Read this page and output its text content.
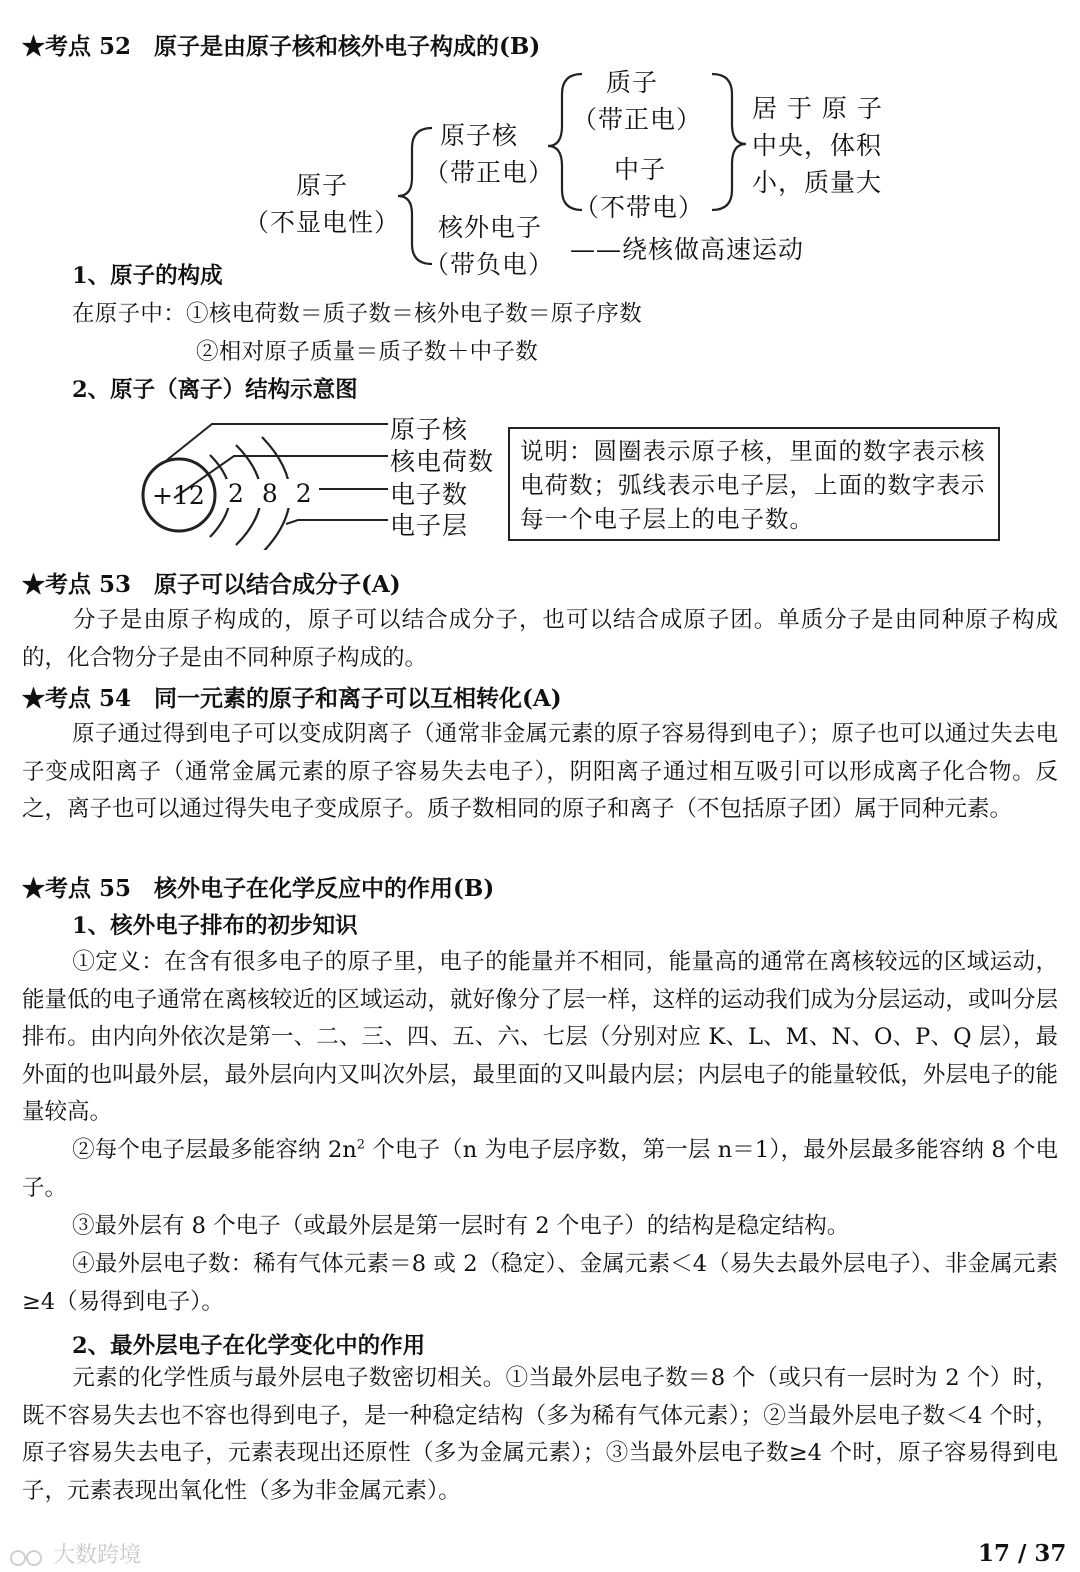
★考点 52　原子是由原子核和核外电子构成的(B)
原子
（不显电性）
原子核
（带正电）
核外电子
（带负电）
质子
（带正电）
中子
（不带电）
居 于 原 子
中央，体积
小，质量大
——绕核做高速运动
1、原子的构成
在原子中：①核电荷数＝质子数＝核外电子数＝原子序数
②相对原子质量＝质子数＋中子数
2、原子（离子）结构示意图
+12 2 8 2
原子核
核电荷数
电子数
电子层
说明：圆圈表示原子核，里面的数字表示核电荷数；弧线表示电子层，上面的数字表示每一个电子层上的电子数。
★考点 53　原子可以结合成分子(A)
分子是由原子构成的，原子可以结合成分子，也可以结合成原子团。单质分子是由同种原子构成的，化合物分子是由不同种原子构成的。
★考点 54　同一元素的原子和离子可以互相转化(A)
原子通过得到电子可以变成阴离子（通常非金属元素的原子容易得到电子）；原子也可以通过失去电子变成阳离子（通常金属元素的原子容易失去电子），阴阳离子通过相互吸引可以形成离子化合物。反之，离子也可以通过得失电子变成原子。质子数相同的原子和离子（不包括原子团）属于同种元素。
★考点 55　核外电子在化学反应中的作用(B)
1、核外电子排布的初步知识
①定义：在含有很多电子的原子里，电子的能量并不相同，能量高的通常在离核较远的区域运动，能量低的电子通常在离核较近的区域运动，就好像分了层一样，这样的运动我们成为分层运动，或叫分层排布。由内向外依次是第一、二、三、四、五、六、七层（分别对应 K、L、M、N、O、P、Q 层），最外面的也叫最外层，最外层向内又叫次外层，最里面的又叫最内层；内层电子的能量较低，外层电子的能量较高。
②每个电子层最多能容纳 $2n^2$ 个电子（n 为电子层序数，第一层 n＝1），最外层最多能容纳 8 个电子。
③最外层有 8 个电子（或最外层是第一层时有 2 个电子）的结构是稳定结构。
④最外层电子数：稀有气体元素＝8 或 2（稳定）、金属元素＜4（易失去最外层电子）、非金属元素≥4（易得到电子）。
2、最外层电子在化学变化中的作用
元素的化学性质与最外层电子数密切相关。①当最外层电子数＝8 个（或只有一层时为 2 个）时，既不容易失去也不容也得到电子，是一种稳定结构（多为稀有气体元素）；②当最外层电子数＜4 个时，原子容易失去电子，元素表现出还原性（多为金属元素）；③当最外层电子数≥4 个时，原子容易得到电子，元素表现出氧化性（多为非金属元素）。
大数跨境	17 / 37
